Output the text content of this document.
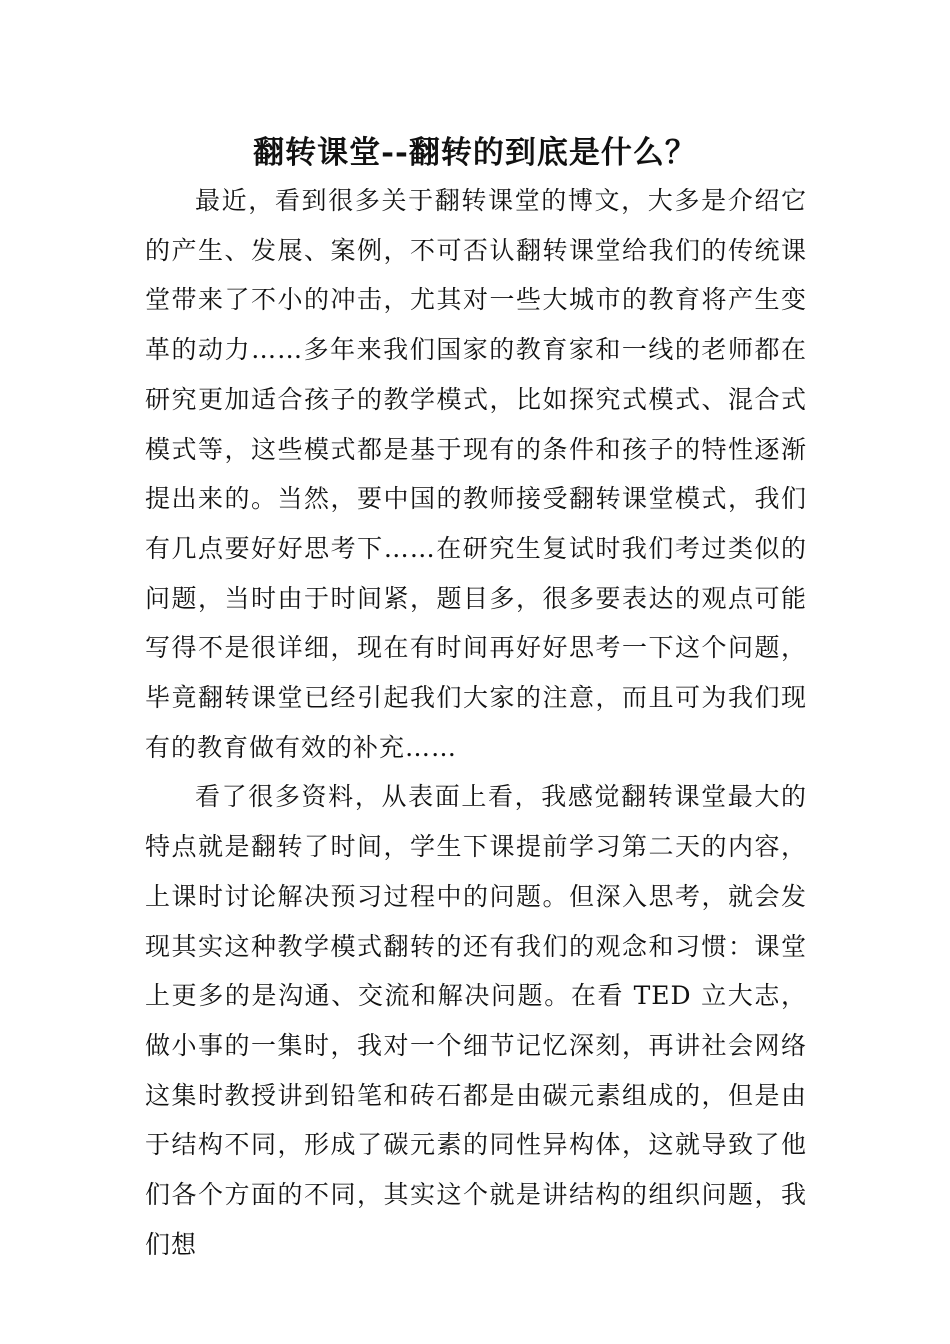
翻转课堂--翻转的到底是什么？

最近，看到很多关于翻转课堂的博文，大多是介绍它的产生、发展、案例，不可否认翻转课堂给我们的传统课堂带来了不小的冲击，尤其对一些大城市的教育将产生变革的动力……多年来我们国家的教育家和一线的老师都在研究更加适合孩子的教学模式，比如探究式模式、混合式模式等，这些模式都是基于现有的条件和孩子的特性逐渐提出来的。当然，要中国的教师接受翻转课堂模式，我们有几点要好好思考下……在研究生复试时我们考过类似的问题，当时由于时间紧，题目多，很多要表达的观点可能写得不是很详细，现在有时间再好好思考一下这个问题，毕竟翻转课堂已经引起我们大家的注意，而且可为我们现有的教育做有效的补充……

看了很多资料，从表面上看，我感觉翻转课堂最大的特点就是翻转了时间，学生下课提前学习第二天的内容，上课时讨论解决预习过程中的问题。但深入思考，就会发现其实这种教学模式翻转的还有我们的观念和习惯：课堂上更多的是沟通、交流和解决问题。在看 TED 立大志，做小事的一集时，我对一个细节记忆深刻，再讲社会网络这集时教授讲到铅笔和砖石都是由碳元素组成的，但是由于结构不同，形成了碳元素的同性异构体，这就导致了他们各个方面的不同，其实这个就是讲结构的组织问题，我们想
